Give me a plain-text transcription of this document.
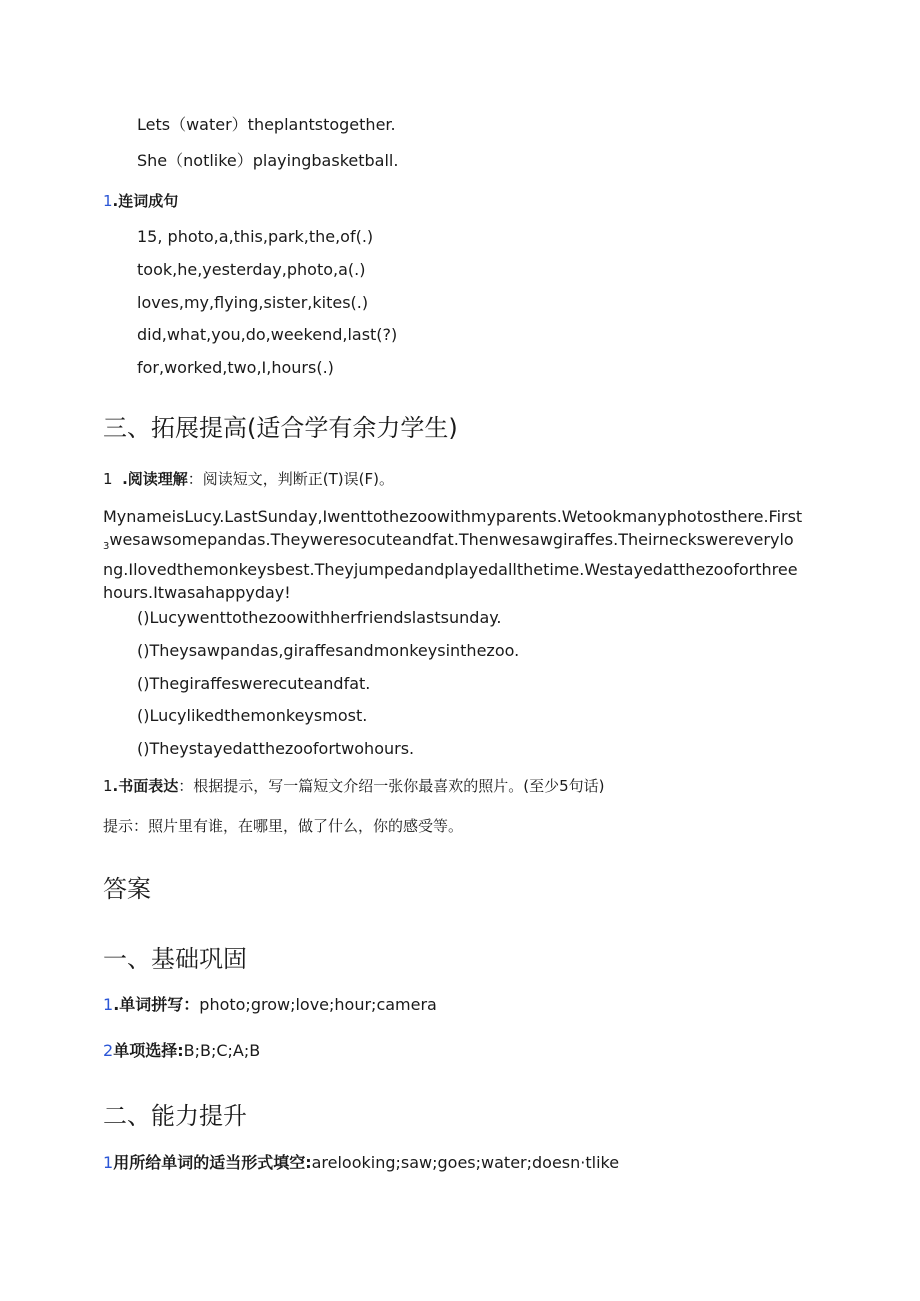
Lets（water）theplantstogether.
She（notlike）playingbasketball.
1.连词成句
15, photo,a,this,park,the,of(.)
took,he,yesterday,photo,a(.)
loves,my,flying,sister,kites(.)
did,what,you,do,weekend,last(?)
for,worked,two,I,hours(.)
三、拓展提高(适合学有余力学生)
1 .阅读理解：阅读短文，判断正(T)误(F)。
MynameisLucy.LastSunday,Iwenttothezoowithmyparents.Wetookmanyphotosthere.First$_3$wesawsomepandas.Theyweresocuteandfat.Thenwesawgiraffes.Theirneckswereverylong.Ilovedthemonkeysbest.Theyjumpedandplayedallthetime.Westayedatthezooforthreehours.Itwasahappyday!
()Lucywenttothezoowithherfriendslastsunday.
()Theysawpandas,giraffesandmonkeysinthezoo.
()Thegiraffeswerecuteandfat.
()Lucylikedthemonkeysmost.
()Theystayedatthezoofortwohours.
1.书面表达：根据提示，写一篇短文介绍一张你最喜欢的照片。(至少5句话)
提示：照片里有谁，在哪里，做了什么，你的感受等。
答案
一、基础巩固
1.单词拼写：photo;grow;love;hour;camera
2单项选择:B;B;C;A;B
二、能力提升
1用所给单词的适当形式填空:arelooking;saw;goes;water;doesn·tlike
